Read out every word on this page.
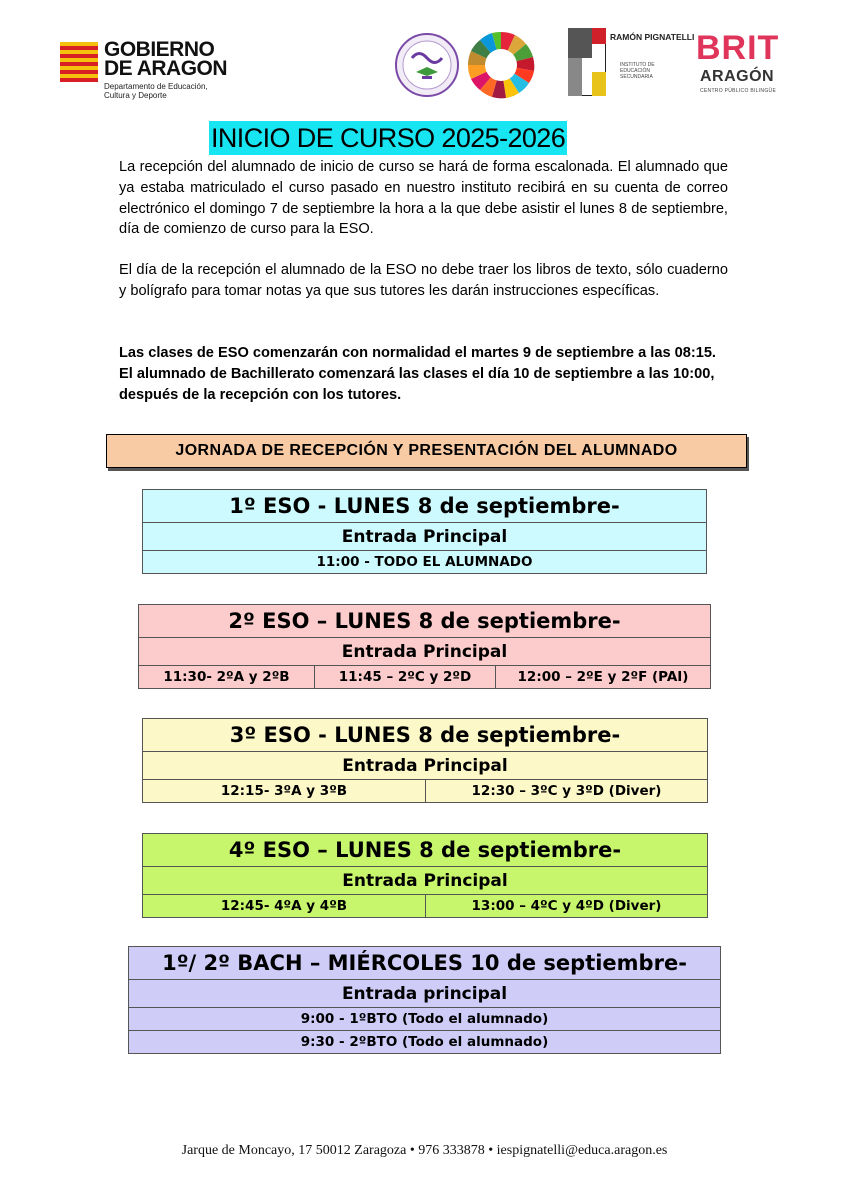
GOBIERNO
DE ARAGON
Departamento de Educación, Cultura y Deporte
RAMÓN PIGNATELLI
INSTITUTO DE EDUCACIÓN SECUNDARIA
BRIT
ARAGÓN
CENTRO PÚBLICO BILINGÜE
INICIO DE CURSO 2025-2026

La recepción del alumnado de inicio de curso se hará de forma escalonada. El alumnado que ya estaba matriculado el curso pasado en nuestro instituto recibirá en su cuenta de correo electrónico el domingo 7 de septiembre la hora a la que debe asistir el lunes 8 de septiembre, día de comienzo de curso para la ESO.

El día de la recepción el alumnado de la ESO no debe traer los libros de texto, sólo cuaderno y bolígrafo para tomar notas ya que sus tutores les darán instrucciones específicas.

Las clases de ESO comenzarán con normalidad el martes 9 de septiembre a las 08:15. El alumnado de Bachillerato comenzará las clases el día 10 de septiembre a las 10:00, después de la recepción con los tutores.

JORNADA DE RECEPCIÓN Y PRESENTACIÓN DEL ALUMNADO
1º ESO - LUNES 8 de septiembre-
Entrada Principal
11:00 - TODO EL ALUMNADO
2º ESO – LUNES 8 de septiembre-
Entrada Principal
11:30- 2ºA y 2ºB	11:45 – 2ºC y 2ºD	12:00 – 2ºE y 2ºF (PAI)
3º ESO - LUNES 8 de septiembre-
Entrada Principal
12:15- 3ºA y 3ºB	12:30 – 3ºC y 3ºD (Diver)
4º ESO – LUNES 8 de septiembre-
Entrada Principal
12:45- 4ºA y 4ºB	13:00 – 4ºC y 4ºD (Diver)
1º/ 2º BACH – MIÉRCOLES 10 de septiembre-
Entrada principal
9:00 - 1ºBTO (Todo el alumnado)
9:30 - 2ºBTO (Todo el alumnado)
Jarque de Moncayo, 17 50012 Zaragoza • 976 333878 • iespignatelli@educa.aragon.es
